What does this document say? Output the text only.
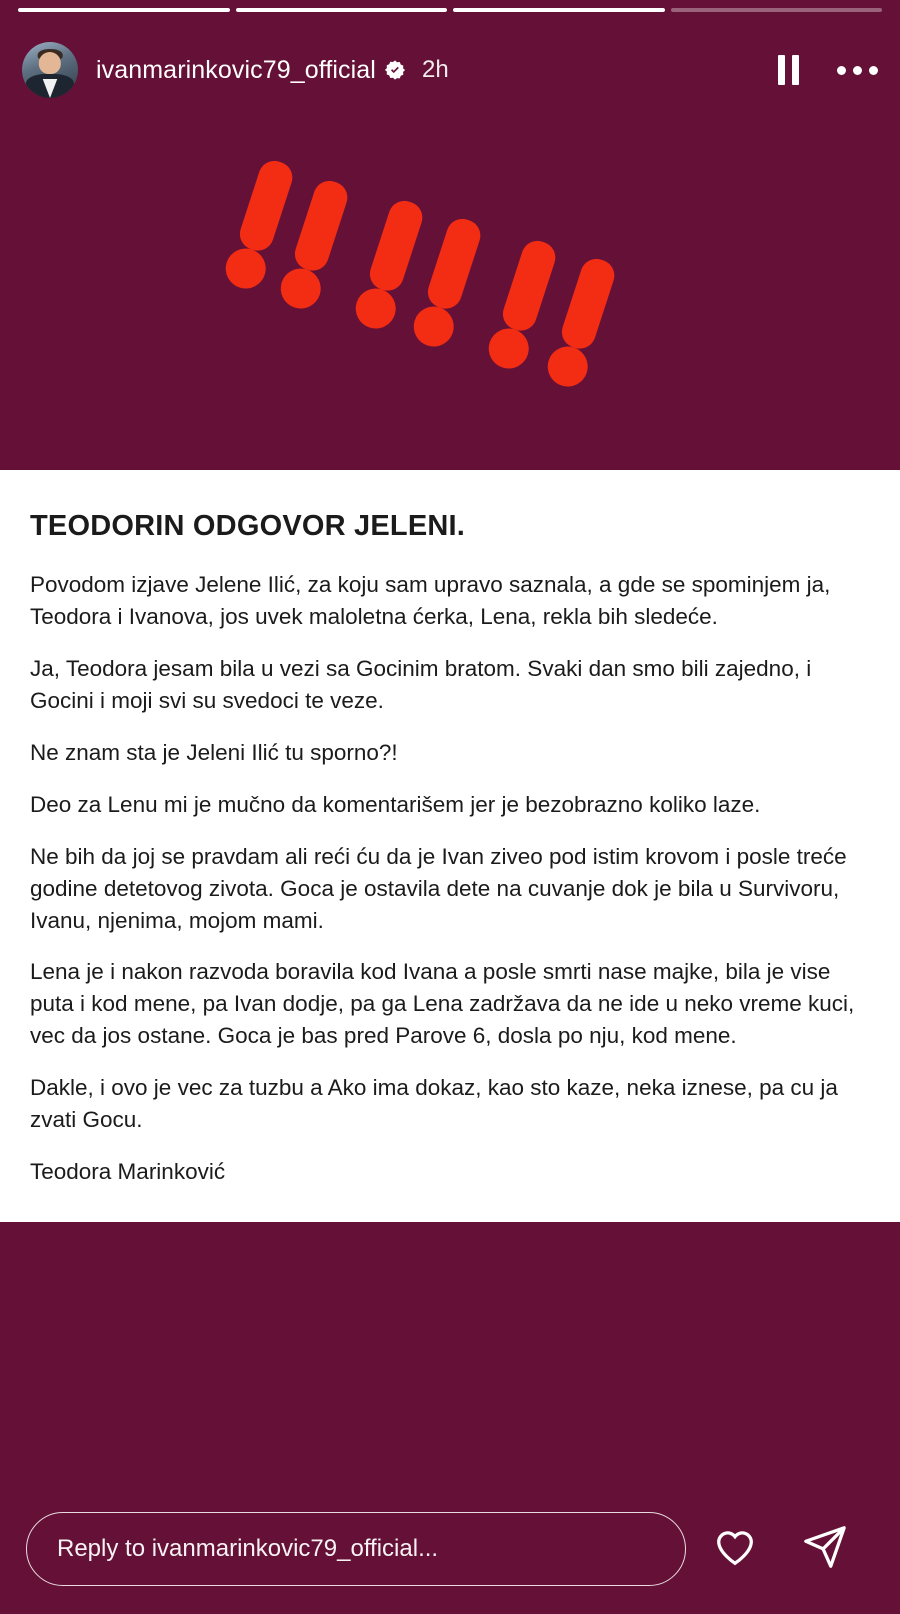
ivanmarinkovic79_official 2h
TEODORIN ODGOVOR JELENI.

Povodom izjave Jelene Ilić, za koju sam upravo saznala, a gde se spominjem ja, Teodora i Ivanova, jos uvek maloletna ćerka, Lena, rekla bih sledeće.

Ja, Teodora jesam bila u vezi sa Gocinim bratom. Svaki dan smo bili zajedno, i Gocini i moji svi su svedoci te veze.

Ne znam sta je Jeleni Ilić tu sporno?!

Deo za Lenu mi je mučno da komentarišem jer je bezobrazno koliko laze.

Ne bih da joj se pravdam ali reći ću da je Ivan ziveo pod istim krovom i posle treće godine detetovog zivota. Goca je ostavila dete na cuvanje dok je bila u Survivoru, Ivanu, njenima, mojom mami.

Lena je i nakon razvoda boravila kod Ivana a posle smrti nase majke, bila je vise puta i kod mene, pa Ivan dodje, pa ga Lena zadržava da ne ide u neko vreme kuci, vec da jos ostane. Goca je bas pred Parove 6, dosla po nju, kod mene.

Dakle, i ovo je vec za tuzbu a Ako ima dokaz, kao sto kaze, neka iznese, pa cu ja zvati Gocu.

Teodora Marinković

Reply to ivanmarinkovic79_official...
